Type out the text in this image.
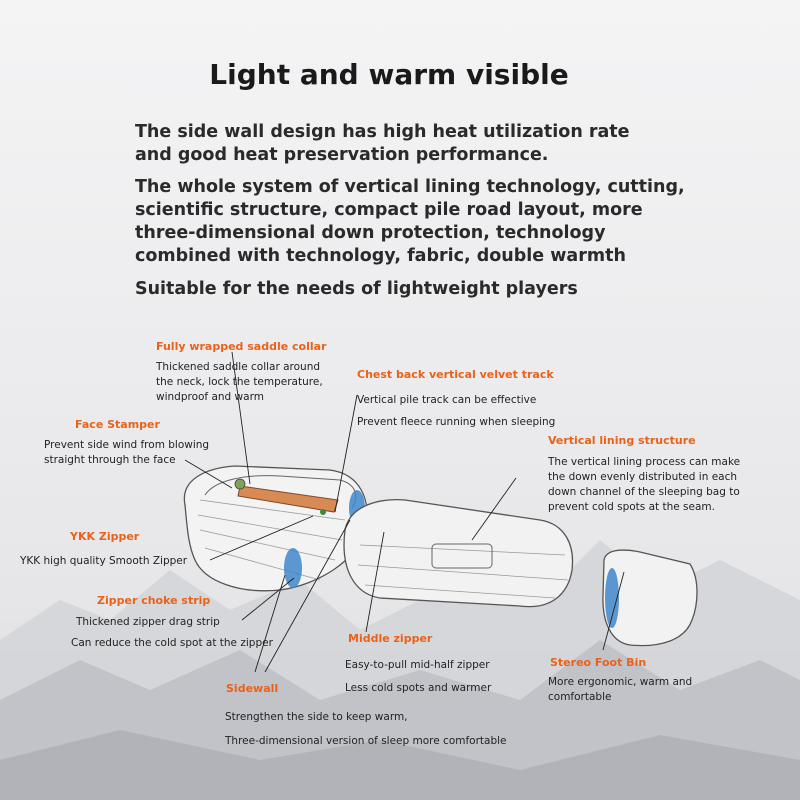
Light and warm visible
The side wall design has high heat utilization rate
and good heat preservation performance.
The whole system of vertical lining technology, cutting,
scientific structure, compact pile road layout, more
three-dimensional down protection, technology
combined with technology, fabric, double warmth
Suitable for the needs of lightweight players
Fully wrapped saddle collar
Thickened saddle collar around
the neck, lock the temperature,
windproof and warm
Chest back vertical velvet track
Vertical pile track can be effective
Prevent fleece running when sleeping
Face Stamper
Prevent side wind from blowing
straight through the face
Vertical lining structure
The vertical lining process can make
the down evenly distributed in each
down channel of the sleeping bag to
prevent cold spots at the seam.
YKK Zipper
YKK high quality Smooth Zipper
Zipper choke strip
Thickened zipper drag strip
Can reduce the cold spot at the zipper	Middle zipper
Easy-to-pull mid-half zipper
Less cold spots and warmer
Stereo Foot Bin
More ergonomic, warm and
comfortable
Sidewall
Strengthen the side to keep warm,
Three-dimensional version of sleep more comfortable
